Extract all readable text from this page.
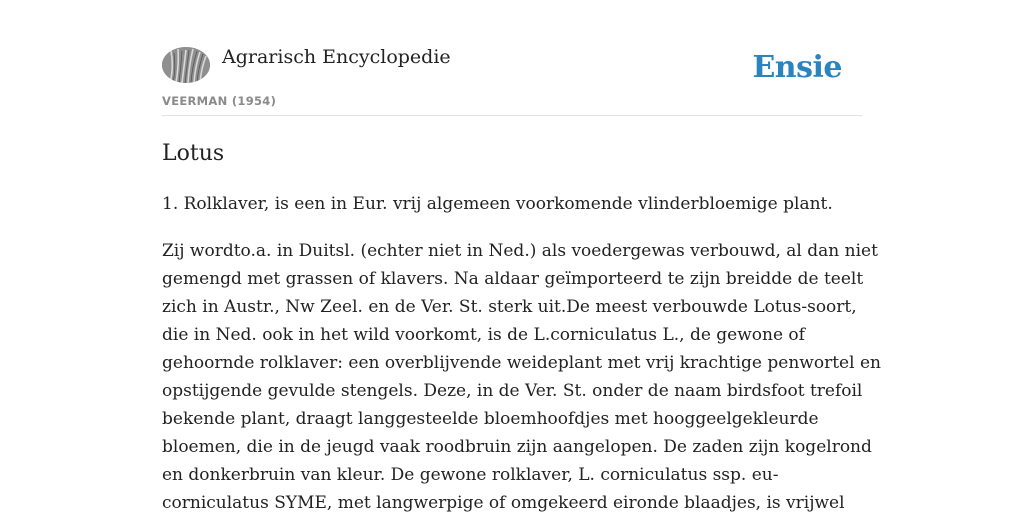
Agrarisch Encyclopedie
VEERMAN (1954)
Ensie
Lotus

1. Rolklaver, is een in Eur. vrij algemeen voorkomende vlinderbloemige plant.

Zij wordto.a. in Duitsl. (echter niet in Ned.) als voedergewas verbouwd, al dan niet
gemengd met grassen of klavers. Na aldaar geïmporteerd te zijn breidde de teelt
zich in Austr., Nw Zeel. en de Ver. St. sterk uit.De meest verbouwde Lotus-soort,
die in Ned. ook in het wild voorkomt, is de L.corniculatus L., de gewone of
gehoornde rolklaver: een overblijvende weideplant met vrij krachtige penwortel en
opstijgende gevulde stengels. Deze, in de Ver. St. onder de naam birdsfoot trefoil
bekende plant, draagt langgesteelde bloemhoofdjes met hooggeelgekleurde
bloemen, die in de jeugd vaak roodbruin zijn aangelopen. De zaden zijn kogelrond
en donkerbruin van kleur. De gewone rolklaver, L. corniculatus ssp. eu-
corniculatus SYME, met langwerpige of omgekeerd eironde blaadjes, is vrijwel
